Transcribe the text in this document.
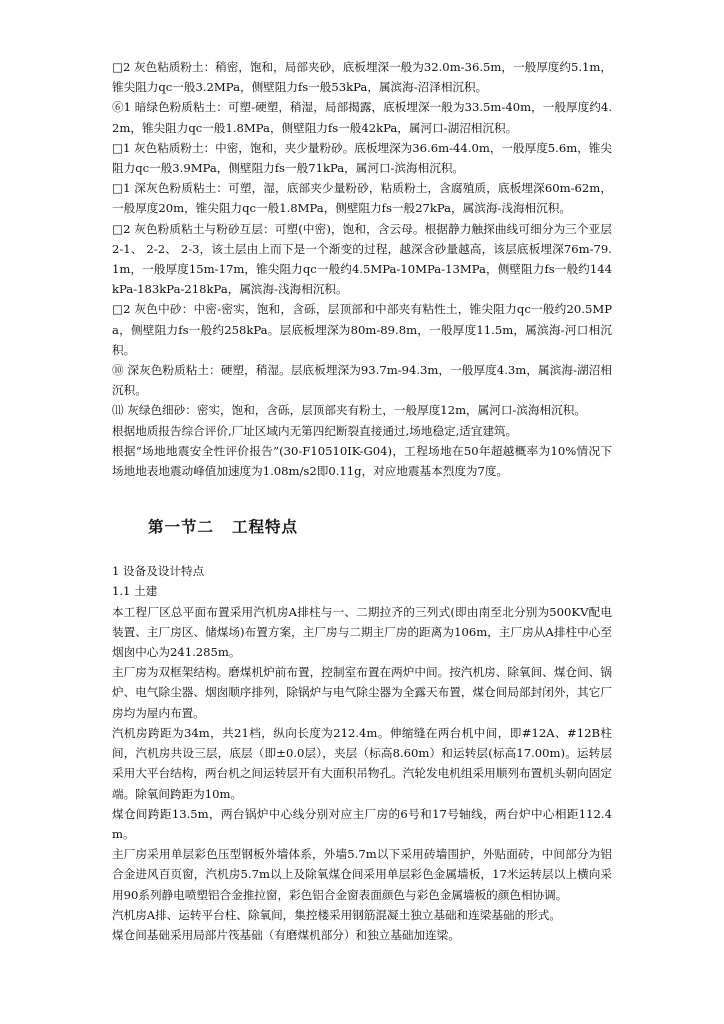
□2 灰色粘质粉土：稍密，饱和，局部夹砂，底板埋深一般为32.0m-36.5m，一般厚度约5.1m，锥尖阻力qc一般3.2MPa，侧壁阻力fs一般53kPa，属滨海-沼泽相沉积。

⑥1 暗绿色粉质粘土：可塑-硬塑，稍湿，局部揭露，底板埋深一般为33.5m-40m，一般厚度约4.2m，锥尖阻力qc一般1.8MPa，侧壁阻力fs一般42kPa，属河口-湖沼相沉积。

□1 灰色粘质粉土：中密，饱和，夹少量粉砂。底板埋深为36.6m-44.0m，一般厚度5.6m，锥尖阻力qc一般3.9MPa，侧壁阻力fs一般71kPa，属河口-滨海相沉积。

□1 深灰色粉质粘土：可塑，湿，底部夹少量粉砂，粘质粉土，含腐殖质，底板埋深60m-62m，一般厚度20m，锥尖阻力qc一般1.8MPa，侧壁阻力fs一般27kPa，属滨海-浅海相沉积。

□2 灰色粉质粘土与粉砂互层：可塑(中密)，饱和，含云母。根据静力触探曲线可细分为三个亚层 2-1、 2-2、 2-3，该土层由上而下是一个渐变的过程，越深含砂量越高，该层底板埋深76m-79.1m，一般厚度15m-17m，锥尖阻力qc一般约4.5MPa-10MPa-13MPa，侧壁阻力fs一般约144kPa-183kPa-218kPa，属滨海-浅海相沉积。

□2 灰色中砂：中密-密实，饱和，含砾，层顶部和中部夹有粘性土，锥尖阻力qc一般约20.5MPa，侧壁阻力fs一般约258kPa。层底板埋深为80m-89.8m，一般厚度11.5m，属滨海-河口相沉积。

⑩ 深灰色粉质粘土：硬塑，稍湿。层底板埋深为93.7m-94.3m，一般厚度4.3m，属滨海-湖沼相沉积。

⑾ 灰绿色细砂：密实，饱和，含砾，层顶部夹有粉土，一般厚度12m，属河口-滨海相沉积。

根据地质报告综合评价,厂址区域内无第四纪断裂直接通过,场地稳定,适宜建筑。

根据“场地地震安全性评价报告”(30-F10510IK-G04)，工程场地在50年超越概率为10%情况下场地地表地震动峰值加速度为1.08m/s2即0.11g，对应地震基本烈度为7度。

第一节二 工程特点

1 设备及设计特点

1.1 土建

本工程厂区总平面布置采用汽机房A排柱与一、二期拉齐的三列式(即由南至北分别为500KV配电装置、主厂房区、储煤场)布置方案，主厂房与二期主厂房的距离为106m，主厂房从A排柱中心至烟囱中心为241.285m。

主厂房为双框架结构。磨煤机炉前布置，控制室布置在两炉中间。按汽机房、除氧间、煤仓间、锅炉、电气除尘器、烟囱顺序排列，除锅炉与电气除尘器为全露天布置，煤仓间局部封闭外，其它厂房均为屋内布置。

汽机房跨距为34m，共21档，纵向长度为212.4m。伸缩缝在两台机中间，即#12A、#12B柱间，汽机房共设三层，底层（即±0.0层），夹层（标高8.60m）和运转层(标高17.00m)。运转层采用大平台结构，两台机之间运转层开有大面积吊物孔。汽轮发电机组采用顺列布置机头朝向固定端。除氧间跨距为10m。

煤仓间跨距13.5m，两台锅炉中心线分别对应主厂房的6号和17号轴线，两台炉中心相距112.4m。

主厂房采用单层彩色压型钢板外墙体系，外墙5.7m以下采用砖墙围护，外贴面砖，中间部分为铝合金进风百页窗，汽机房5.7m以上及除氧煤仓间采用单层彩色金属墙板，17米运转层以上横向采用90系列静电喷塑铝合金推拉窗，彩色铝合金窗表面颜色与彩色金属墙板的颜色相协调。

汽机房A排、运转平台柱、除氧间，集控楼采用钢筋混凝土独立基础和连梁基础的形式。

煤仓间基础采用局部片筏基础（有磨煤机部分）和独立基础加连梁。
